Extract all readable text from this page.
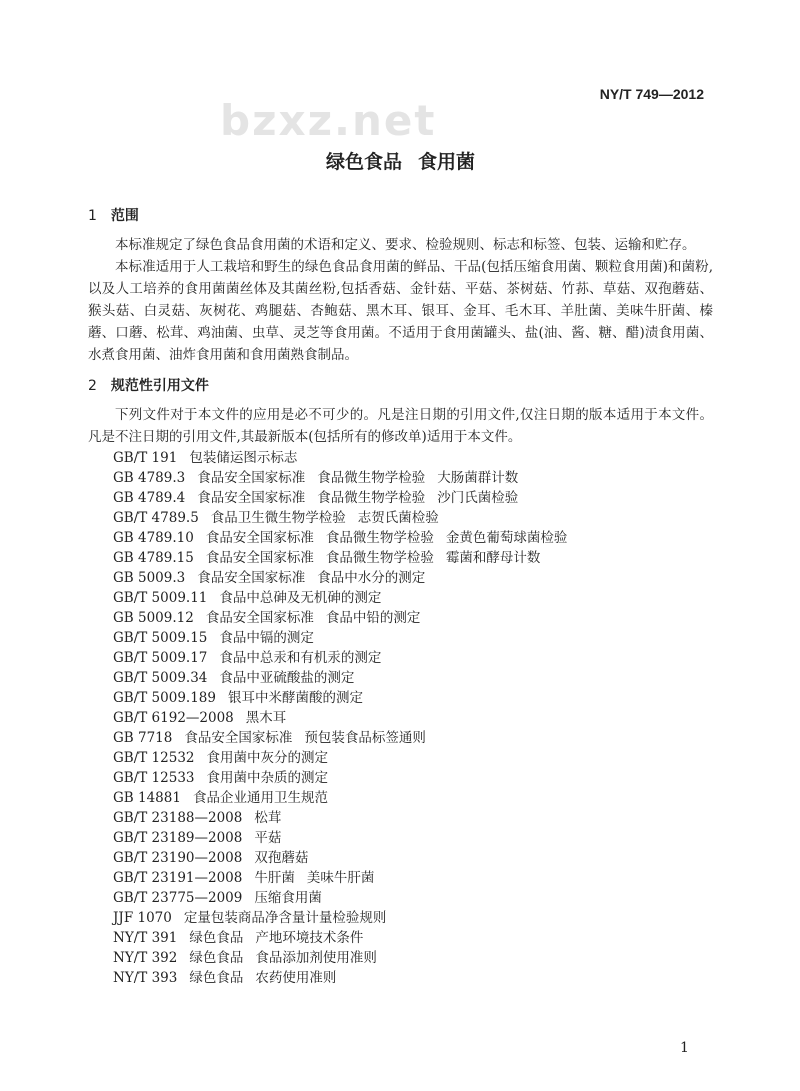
bzxz.net
NY/T 749—2012
绿色食品 食用菌
1 范围
本标准规定了绿色食品食用菌的术语和定义、要求、检验规则、标志和标签、包装、运输和贮存。
本标准适用于人工栽培和野生的绿色食品食用菌的鲜品、干品(包括压缩食用菌、颗粒食用菌)和菌粉,以及人工培养的食用菌菌丝体及其菌丝粉,包括香菇、金针菇、平菇、茶树菇、竹荪、草菇、双孢蘑菇、猴头菇、白灵菇、灰树花、鸡腿菇、杏鲍菇、黑木耳、银耳、金耳、毛木耳、羊肚菌、美味牛肝菌、榛蘑、口蘑、松茸、鸡油菌、虫草、灵芝等食用菌。不适用于食用菌罐头、盐(油、酱、糖、醋)渍食用菌、水煮食用菌、油炸食用菌和食用菌熟食制品。
2 规范性引用文件
下列文件对于本文件的应用是必不可少的。凡是注日期的引用文件,仅注日期的版本适用于本文件。凡是不注日期的引用文件,其最新版本(包括所有的修改单)适用于本文件。
GB/T 191 包装储运图示标志
GB 4789.3 食品安全国家标准 食品微生物学检验 大肠菌群计数
GB 4789.4 食品安全国家标准 食品微生物学检验 沙门氏菌检验
GB/T 4789.5 食品卫生微生物学检验 志贺氏菌检验
GB 4789.10 食品安全国家标准 食品微生物学检验 金黄色葡萄球菌检验
GB 4789.15 食品安全国家标准 食品微生物学检验 霉菌和酵母计数
GB 5009.3 食品安全国家标准 食品中水分的测定
GB/T 5009.11 食品中总砷及无机砷的测定
GB 5009.12 食品安全国家标准 食品中铅的测定
GB/T 5009.15 食品中镉的测定
GB/T 5009.17 食品中总汞和有机汞的测定
GB/T 5009.34 食品中亚硫酸盐的测定
GB/T 5009.189 银耳中米酵菌酸的测定
GB/T 6192—2008 黑木耳
GB 7718 食品安全国家标准 预包装食品标签通则
GB/T 12532 食用菌中灰分的测定
GB/T 12533 食用菌中杂质的测定
GB 14881 食品企业通用卫生规范
GB/T 23188—2008 松茸
GB/T 23189—2008 平菇
GB/T 23190—2008 双孢蘑菇
GB/T 23191—2008 牛肝菌 美味牛肝菌
GB/T 23775—2009 压缩食用菌
JJF 1070 定量包装商品净含量计量检验规则
NY/T 391 绿色食品 产地环境技术条件
NY/T 392 绿色食品 食品添加剂使用准则
NY/T 393 绿色食品 农药使用准则
1
